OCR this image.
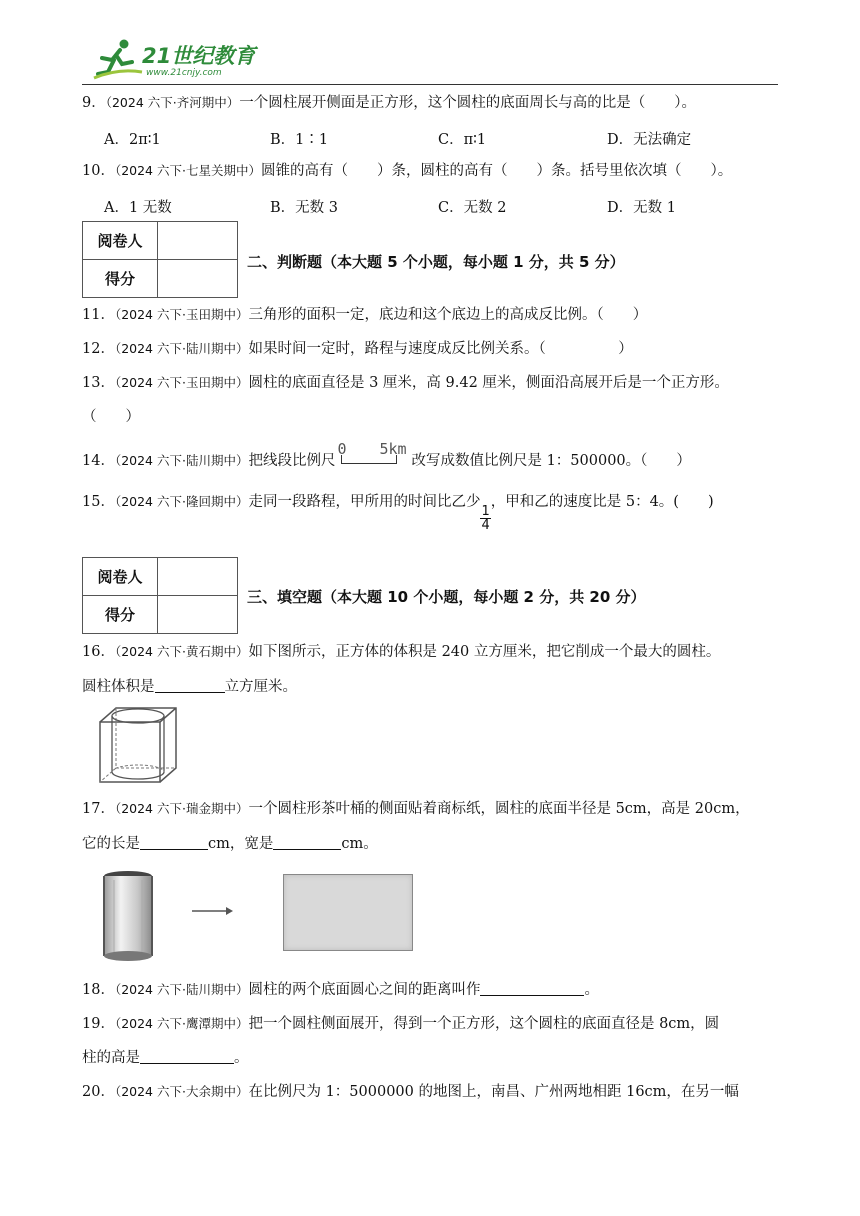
21世纪教育
www.21cnjy.com
9．（2024 六下·齐河期中）一个圆柱展开侧面是正方形，这个圆柱的底面周长与高的比是（　　）。
A．2π∶1	B．1∶1	C．π∶1	D．无法确定
10．（2024 六下·七星关期中）圆锥的高有（　　）条，圆柱的高有（　　）条。括号里依次填（　　）。
A．1 无数	B．无数 3	C．无数 2	D．无数 1
阅卷人	
得分	
二、判断题（本大题 5 个小题，每小题 1 分，共 5 分）
11．（2024 六下·玉田期中）三角形的面积一定，底边和这个底边上的高成反比例。（　　）
12．（2024 六下·陆川期中）如果时间一定时，路程与速度成反比例关系。（　　　　　）
13．（2024 六下·玉田期中）圆柱的底面直径是 3 厘米，高 9.42 厘米，侧面沿高展开后是一个正方形。
（　　）
14．（2024 六下·陆川期中）把线段比例尺
0 5km
改写成数值比例尺是 1：500000。（　　）
15．（2024 六下·隆回期中）走同一段路程，甲所用的时间比乙少
$\frac{1}{4}$
，甲和乙的速度比是 5：4。(　　)
阅卷人	
得分	
三、填空题（本大题 10 个小题，每小题 2 分，共 20 分）
16．（2024 六下·黄石期中）如下图所示，正方体的体积是 240 立方厘米，把它削成一个最大的圆柱。
圆柱体积是	立方厘米。
17．（2024 六下·瑞金期中）一个圆柱形茶叶桶的侧面贴着商标纸，圆柱的底面半径是 5cm，高是 20cm，
它的长是	cm，宽是	cm。
18．（2024 六下·陆川期中）圆柱的两个底面圆心之间的距离叫作	。
19．（2024 六下·鹰潭期中）把一个圆柱侧面展开，得到一个正方形，这个圆柱的底面直径是 8cm，圆
柱的高是	。
20．（2024 六下·大余期中）在比例尺为 1：5000000 的地图上，南昌、广州两地相距 16cm，在另一幅
